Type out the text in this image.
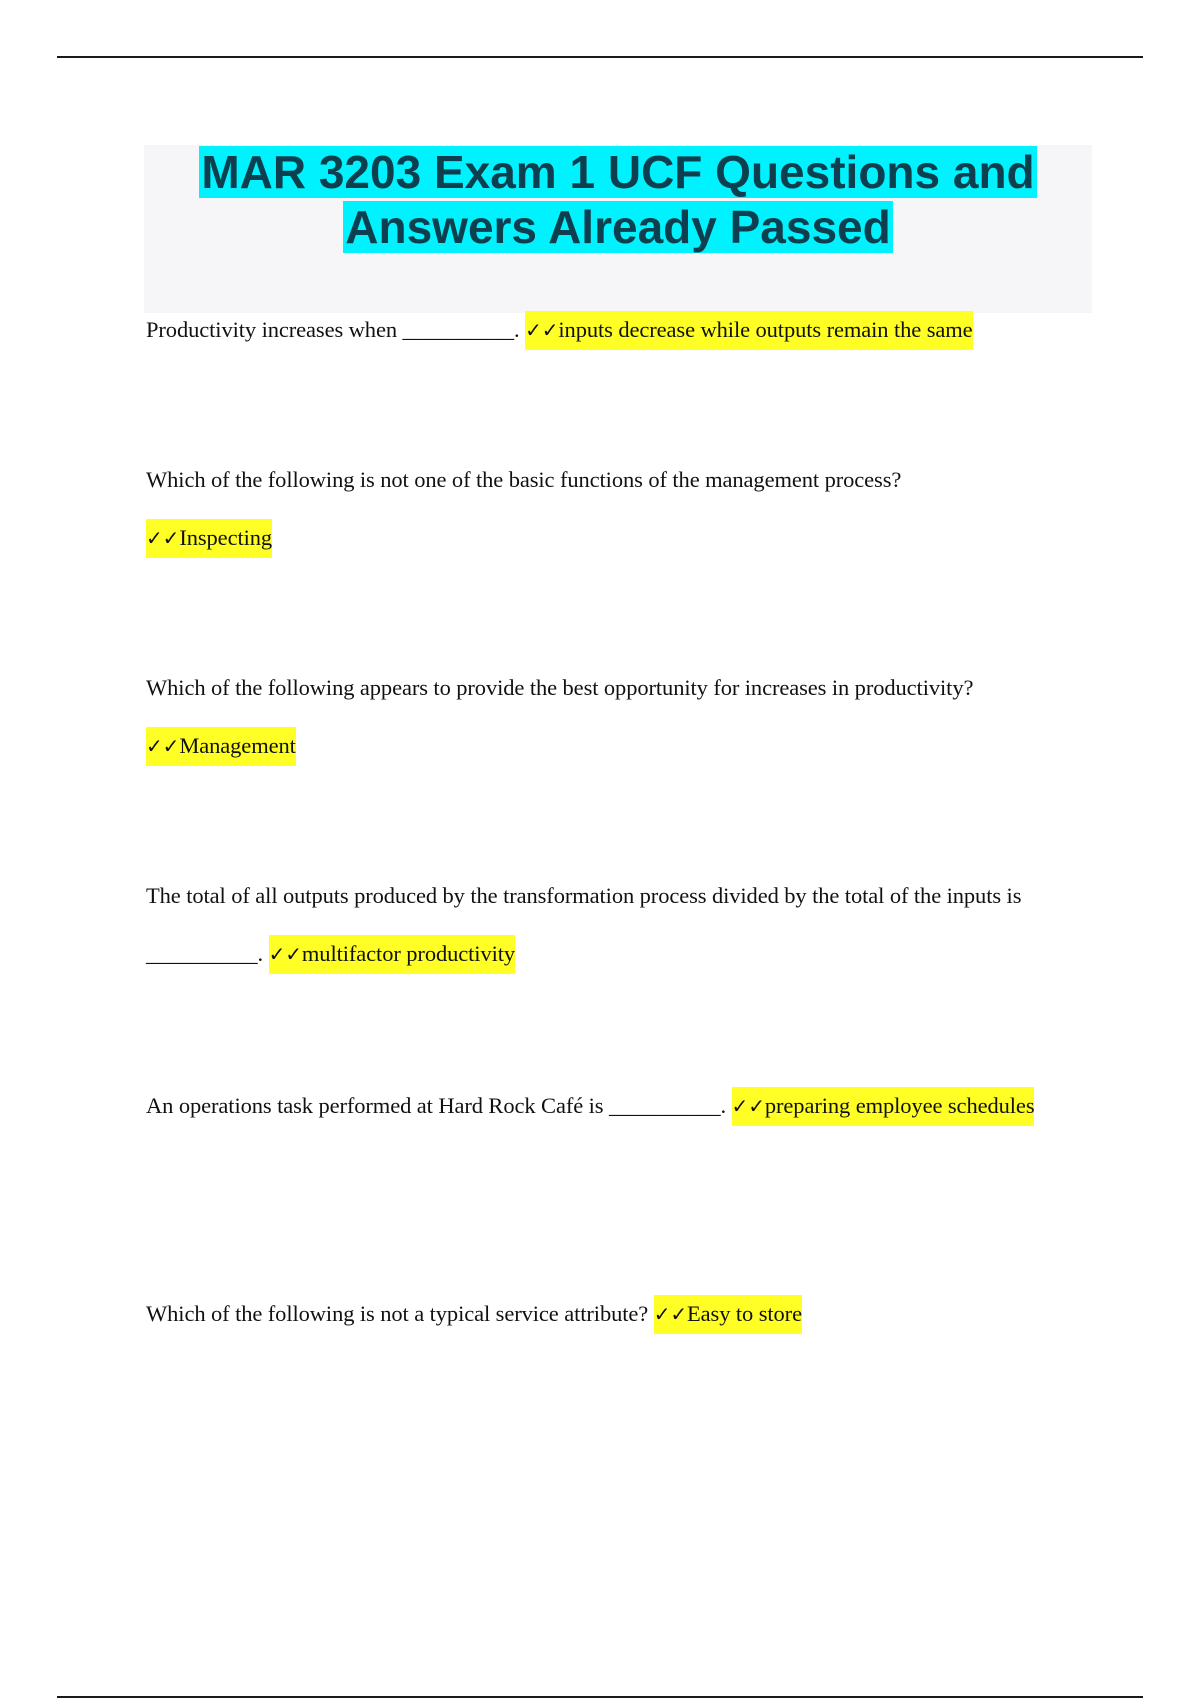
MAR 3203 Exam 1 UCF Questions and Answers Already Passed

Productivity increases when __________. ✓✓inputs decrease while outputs remain the same

Which of the following is not one of the basic functions of the management process?
✓✓Inspecting

Which of the following appears to provide the best opportunity for increases in productivity?
✓✓Management

The total of all outputs produced by the transformation process divided by the total of the inputs is __________. ✓✓multifactor productivity

An operations task performed at Hard Rock Café is __________. ✓✓preparing employee schedules

Which of the following is not a typical service attribute? ✓✓Easy to store
